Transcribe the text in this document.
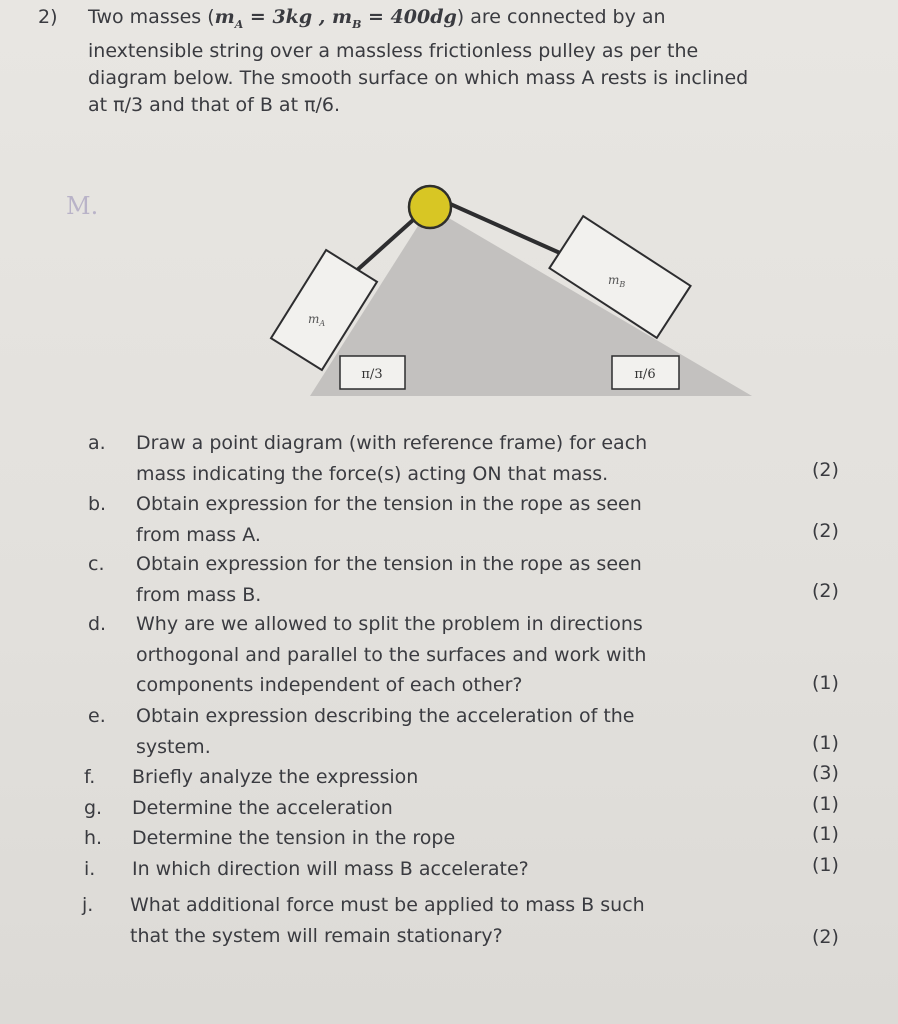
2) Two masses ($m_A = 3kg$ , $m_B = 400dg$) are connected by an inextensible string over a massless frictionless pulley as per the diagram below. The smooth surface on which mass A rests is inclined at π/3 and that of B at π/6.

M.
$m_A$
$m_B$
π/3	π/6
a. Draw a point diagram (with reference frame) for each
mass indicating the force(s) acting ON that mass.	(2)
b. Obtain expression for the tension in the rope as seen
from mass A.	(2)
c. Obtain expression for the tension in the rope as seen
from mass B.	(2)
d. Why are we allowed to split the problem in directions
orthogonal and parallel to the surfaces and work with
components independent of each other?	(1)
e. Obtain expression describing the acceleration of the
system.	(1)
f. Briefly analyze the expression	(3)
g. Determine the acceleration	(1)
h. Determine the tension in the rope	(1)
i. In which direction will mass B accelerate?	(1)
j. What additional force must be applied to mass B such
that the system will remain stationary?	(2)
